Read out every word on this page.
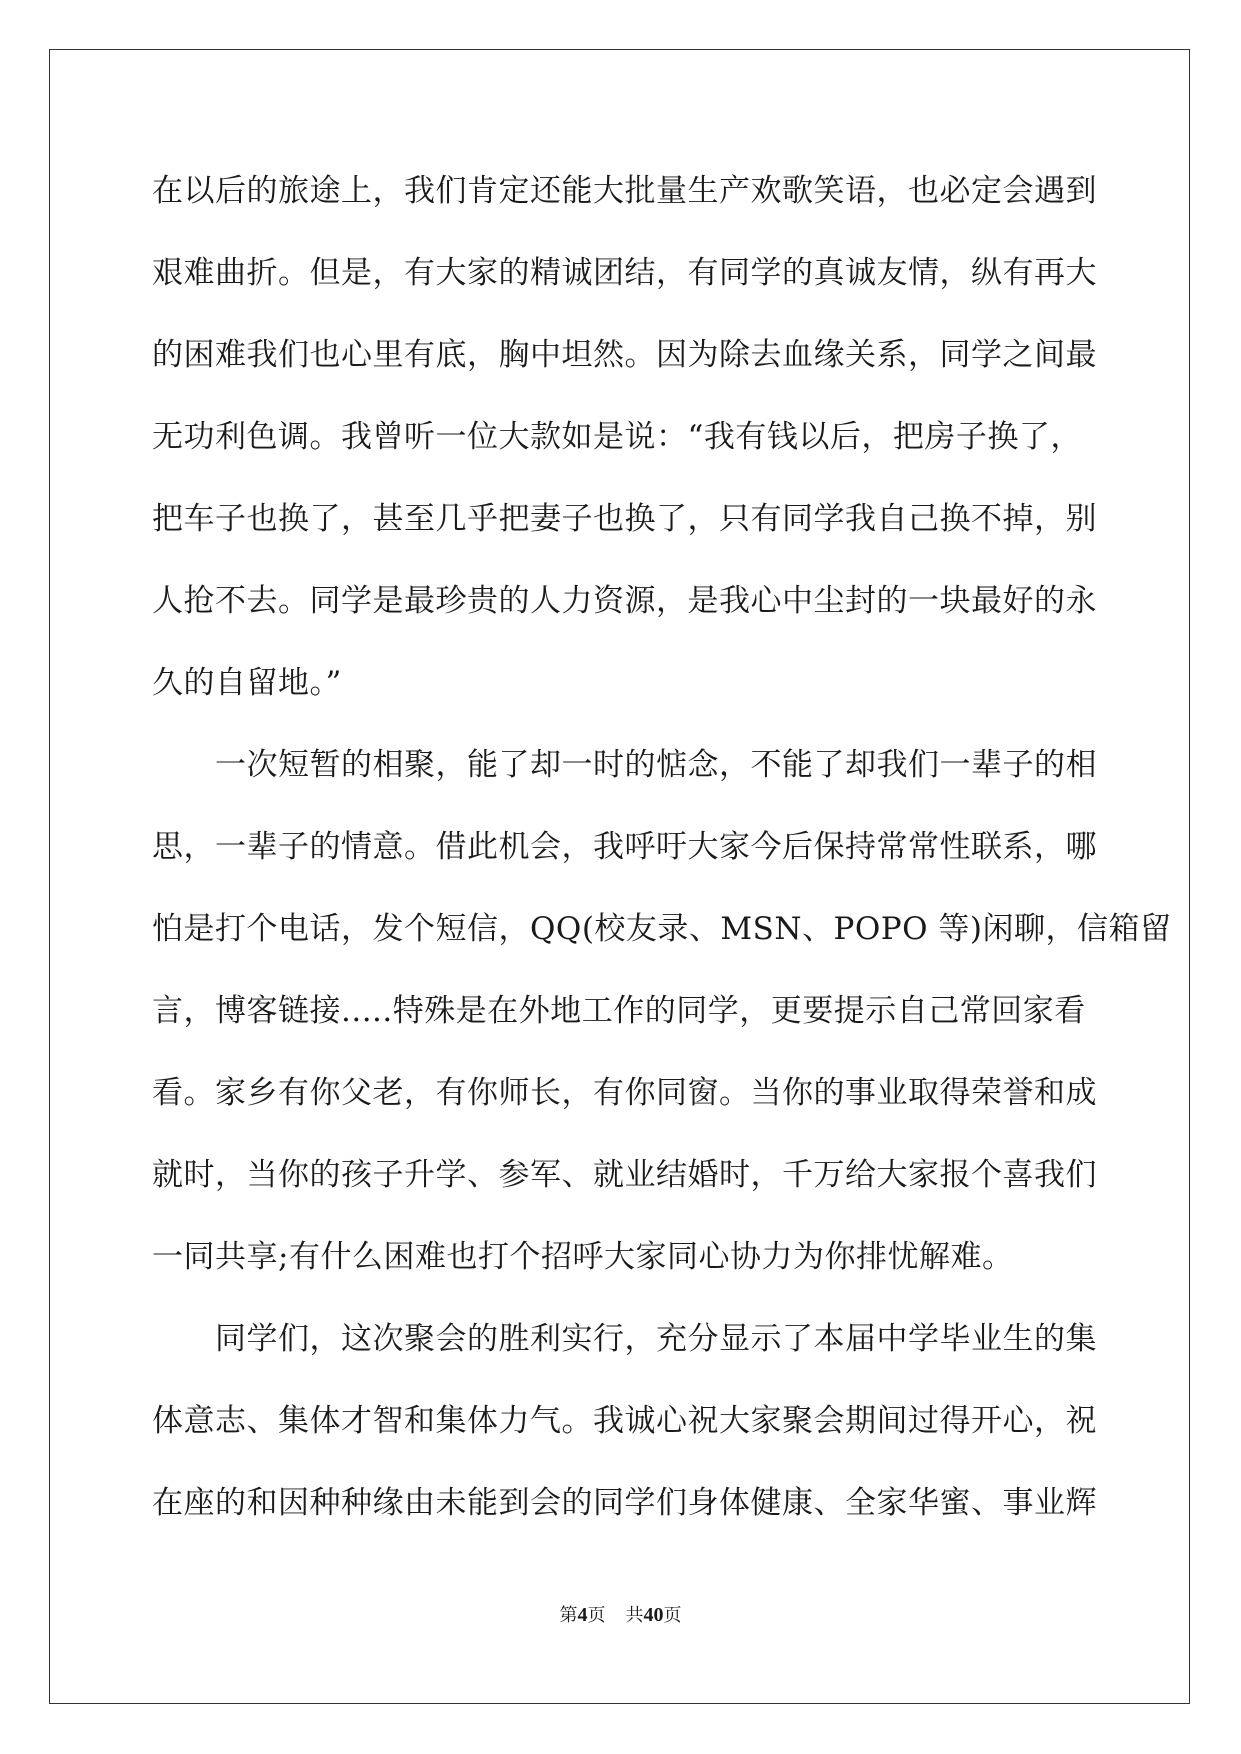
在以后的旅途上，我们肯定还能大批量生产欢歌笑语，也必定会遇到
艰难曲折。但是，有大家的精诚团结，有同学的真诚友情，纵有再大
的困难我们也心里有底，胸中坦然。因为除去血缘关系，同学之间最
无功利色调。我曾听一位大款如是说：“我有钱以后，把房子换了，
把车子也换了，甚至几乎把妻子也换了，只有同学我自己换不掉，别
人抢不去。同学是最珍贵的人力资源，是我心中尘封的一块最好的永
久的自留地。”
　　一次短暂的相聚，能了却一时的惦念，不能了却我们一辈子的相
思，一辈子的情意。借此机会，我呼吁大家今后保持常常性联系，哪
怕是打个电话，发个短信，QQ(校友录、MSN、POPO 等)闲聊，信箱留
言，博客链接.....特殊是在外地工作的同学，更要提示自己常回家看
看。家乡有你父老，有你师长，有你同窗。当你的事业取得荣誉和成
就时，当你的孩子升学、参军、就业结婚时，千万给大家报个喜我们
一同共享;有什么困难也打个招呼大家同心协力为你排忧解难。
　　同学们，这次聚会的胜利实行，充分显示了本届中学毕业生的集
体意志、集体才智和集体力气。我诚心祝大家聚会期间过得开心，祝
在座的和因种种缘由未能到会的同学们身体健康、全家华蜜、事业辉
第4页 共40页
